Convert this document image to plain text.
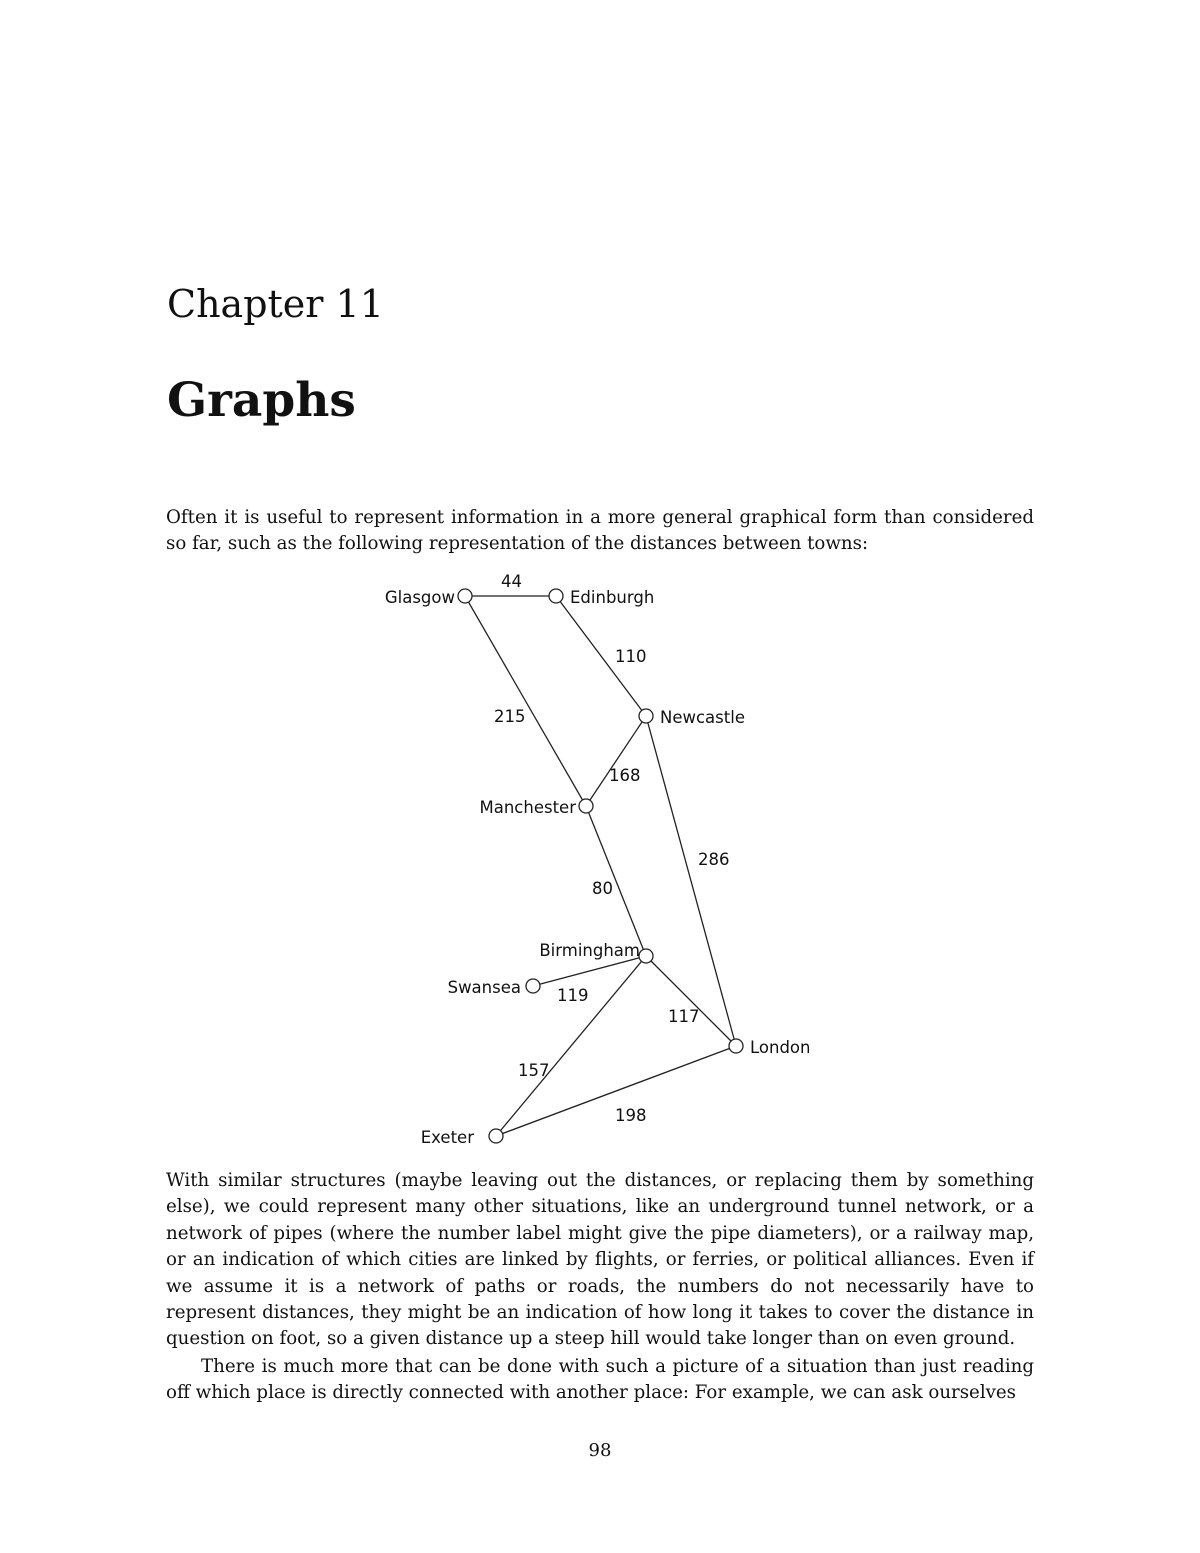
Chapter 11
Graphs

Often it is useful to represent information in a more general graphical form than considered so far, such as the following representation of the distances between towns:

44
110
215
168
286
80
119
117
157
198
Glasgow	Edinburgh
Newcastle
Manchester
Birmingham
Swansea
London
Exeter

With similar structures (maybe leaving out the distances, or replacing them by something else), we could represent many other situations, like an underground tunnel network, or a network of pipes (where the number label might give the pipe diameters), or a railway map, or an indication of which cities are linked by flights, or ferries, or political alliances. Even if we assume it is a network of paths or roads, the numbers do not necessarily have to represent distances, they might be an indication of how long it takes to cover the distance in question on foot, so a given distance up a steep hill would take longer than on even ground.

There is much more that can be done with such a picture of a situation than just reading off which place is directly connected with another place: For example, we can ask ourselves

98
